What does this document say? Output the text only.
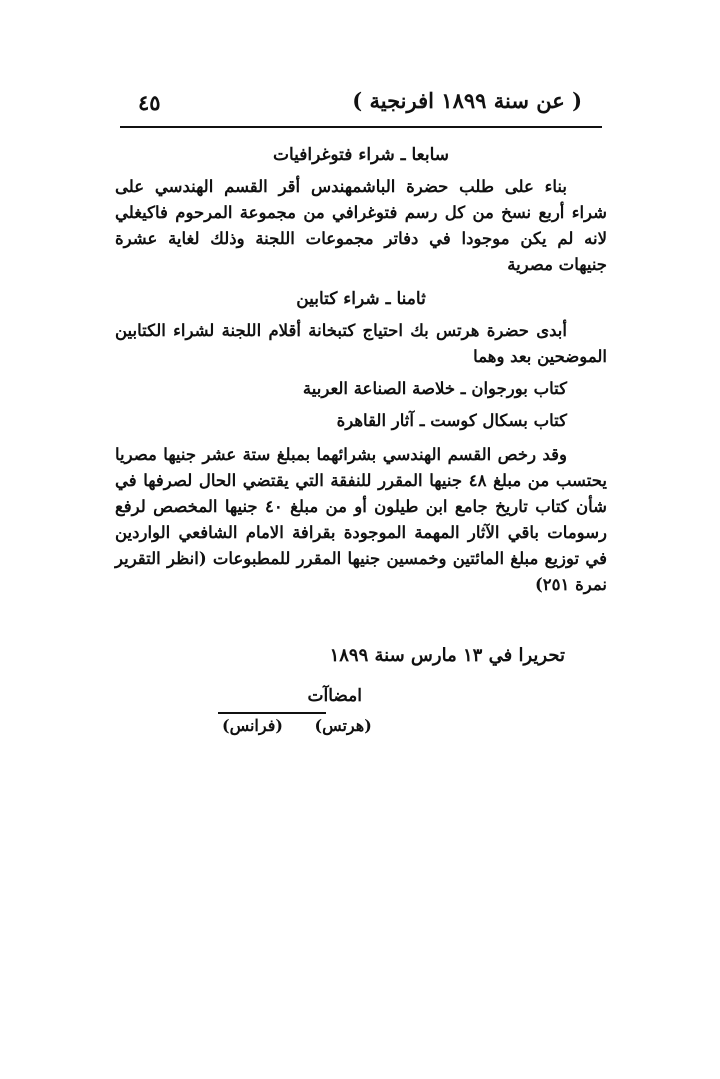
٤٥	( عن سنة ۱۸۹۹ افرنجية )
سابعا ـ شراء فتوغرافيات

بناء على طلب حضرة الباشمهندس أقر القسم الهندسي على شراء أربع نسخ من كل رسم فتوغرافي من مجموعة المرحوم فاكيغلي لانه لم يكن موجودا في دفاتر مجموعات اللجنة وذلك لغاية عشرة جنيهات مصرية

ثامنا ـ شراء كتابين

أبدى حضرة هرتس بك احتياج كتبخانة أقلام اللجنة لشراء الكتابين الموضحين بعد وهما

كتاب بورجوان ـ خلاصة الصناعة العربية
كتاب بسكال كوست ـ آثار القاهرة

وقد رخص القسم الهندسي بشرائهما بمبلغ ستة عشر جنيها مصريا يحتسب من مبلغ ٤٨ جنيها المقرر للنفقة التي يقتضي الحال لصرفها في شأن كتاب تاريخ جامع ابن طيلون أو من مبلغ ٤٠ جنيها المخصص لرفع رسومات باقي الآثار المهمة الموجودة بقرافة الامام الشافعي الواردين في توزيع مبلغ المائتين وخمسين جنيها المقرر للمطبوعات (انظر التقرير نمرة ٢٥١)

تحريرا في ١٣ مارس سنة ۱۸۹۹
امضاآت
(هرتس) (فرانس)
